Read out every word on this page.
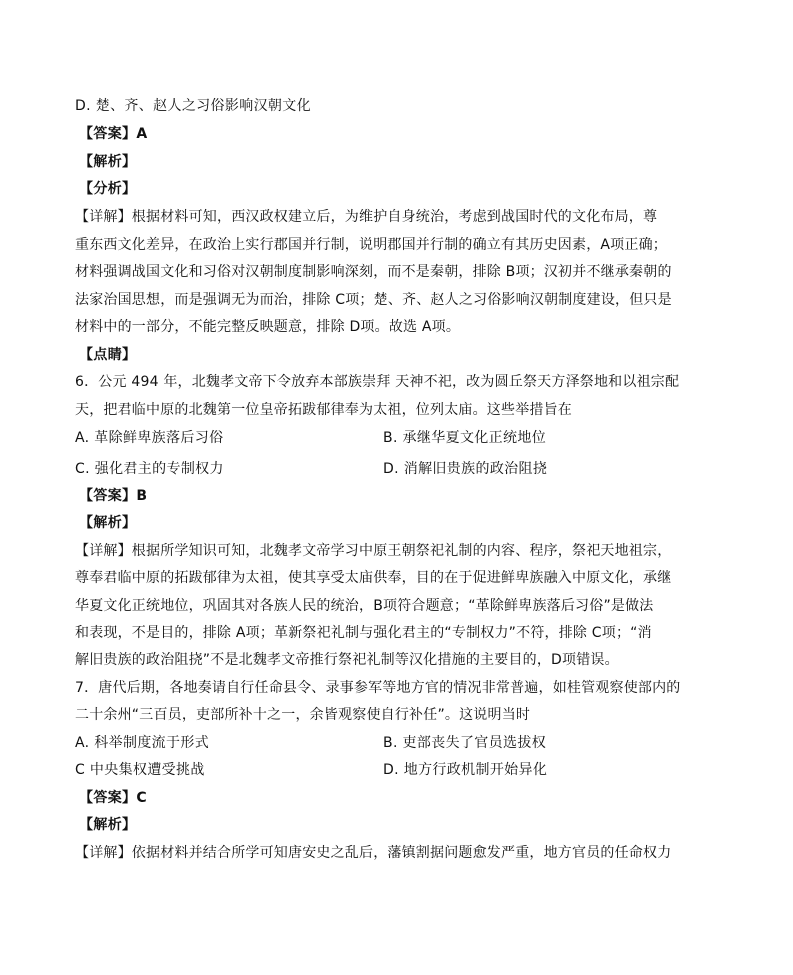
D. 楚、齐、赵人之习俗影响汉朝文化
【答案】A
【解析】
【分析】
【详解】根据材料可知，西汉政权建立后，为维护自身统治，考虑到战国时代的文化布局，尊
重东西文化差异，在政治上实行郡国并行制，说明郡国并行制的确立有其历史因素，A项正确；
材料强调战国文化和习俗对汉朝制度制影响深刻，而不是秦朝，排除 B项；汉初并不继承秦朝的
法家治国思想，而是强调无为而治，排除 C项；楚、齐、赵人之习俗影响汉朝制度建设，但只是
材料中的一部分，不能完整反映题意，排除 D项。故选 A项。
【点睛】
6．公元 494 年，北魏孝文帝下令放弃本部族崇拜 天神不祀，改为圆丘祭天方泽祭地和以祖宗配
天，把君临中原的北魏第一位皇帝拓跋郁律奉为太祖，位列太庙。这些举措旨在
A. 革除鲜卑族落后习俗	B. 承继华夏文化正统地位
C. 强化君主的专制权力	D. 消解旧贵族的政治阻挠
【答案】B
【解析】
【详解】根据所学知识可知，北魏孝文帝学习中原王朝祭祀礼制的内容、程序，祭祀天地祖宗，
尊奉君临中原的拓跋郁律为太祖，使其享受太庙供奉，目的在于促进鲜卑族融入中原文化，承继
华夏文化正统地位，巩固其对各族人民的统治，B项符合题意；“革除鲜卑族落后习俗”是做法
和表现，不是目的，排除 A项；革新祭祀礼制与强化君主的“专制权力”不符，排除 C项；“消
解旧贵族的政治阻挠”不是北魏孝文帝推行祭祀礼制等汉化措施的主要目的，D项错误。
7．唐代后期，各地奏请自行任命县令、录事参军等地方官的情况非常普遍，如桂管观察使部内的
二十余州“三百员，吏部所补十之一，余皆观察使自行补任”。这说明当时
A. 科举制度流于形式	B. 吏部丧失了官员选拔权
C 中央集权遭受挑战	D. 地方行政机制开始异化
【答案】C
【解析】
【详解】依据材料并结合所学可知唐安史之乱后，藩镇割据问题愈发严重，地方官员的任命权力
